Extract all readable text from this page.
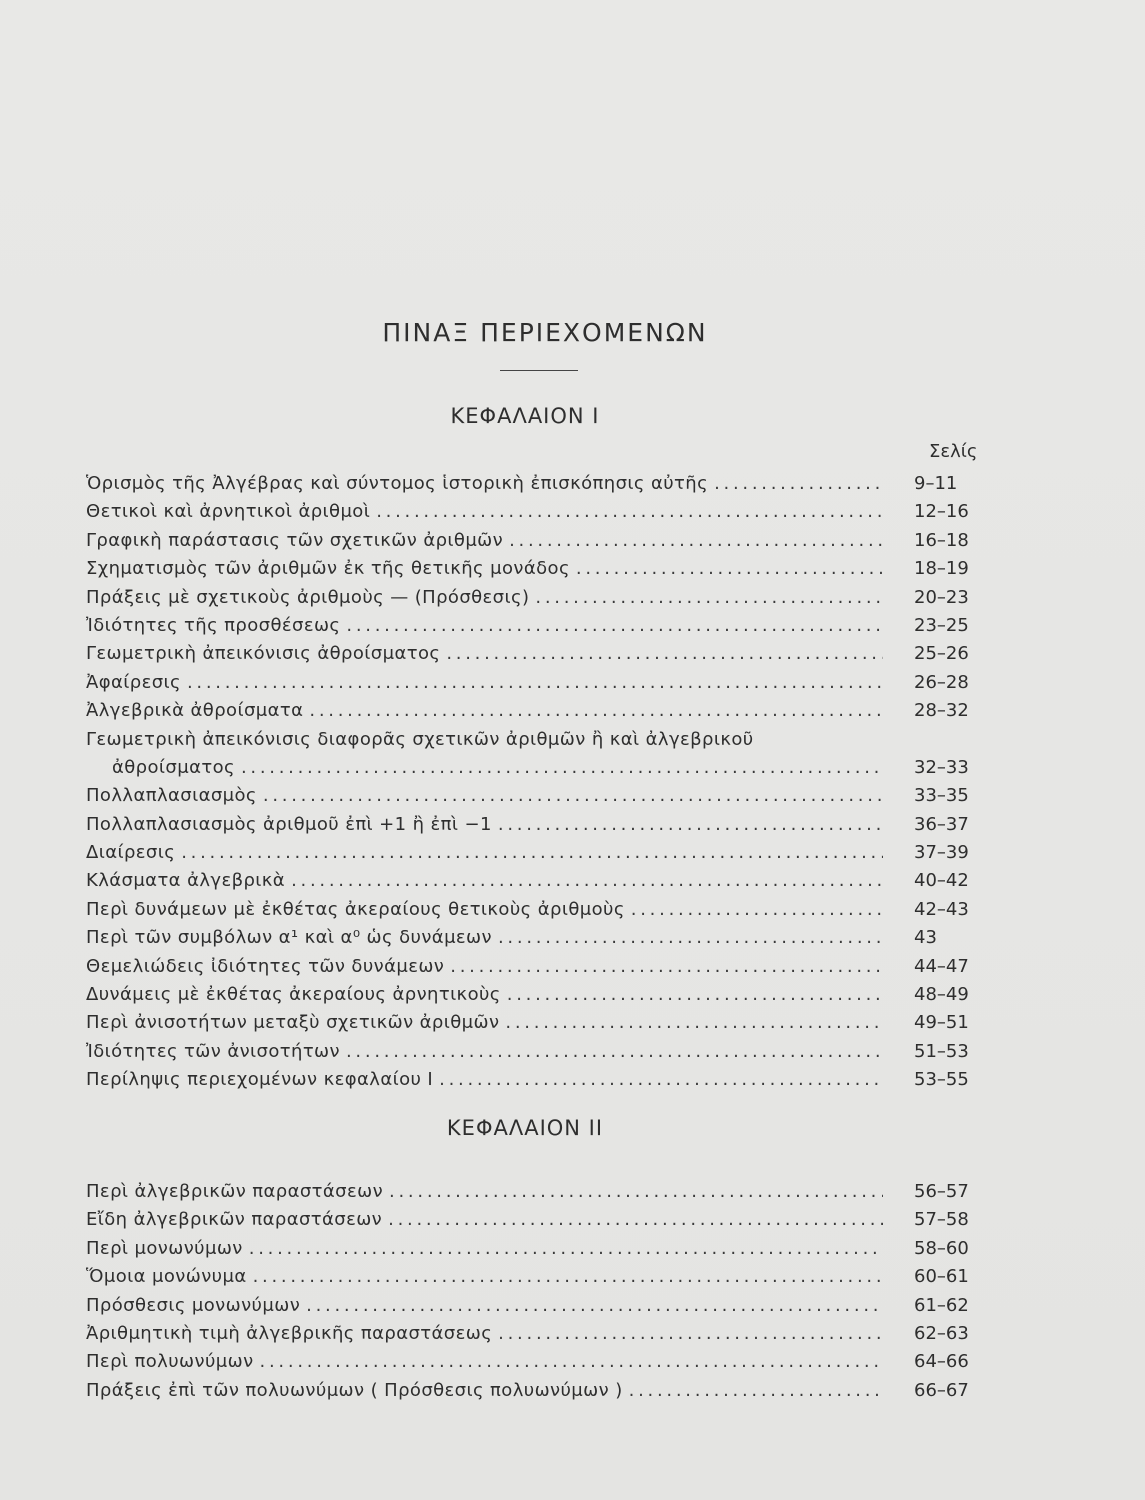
ΠΙΝΑΞ ΠΕΡΙΕΧΟΜΕΝΩΝ
ΚΕΦΑΛΑΙΟΝ Ι
Σελίς
Ὁρισμὸς τῆς Ἀλγέβρας καὶ σύντομος ἱστορικὴ ἐπισκόπησις αὐτῆς . . .	9–11
Θετικοὶ καὶ ἀρνητικοὶ ἀριθμοὶ . . .	12–16
Γραφικὴ παράστασις τῶν σχετικῶν ἀριθμῶν . . .	16–18
Σχηματισμὸς τῶν ἀριθμῶν ἐκ τῆς θετικῆς μονάδος . . .	18–19
Πράξεις μὲ σχετικοὺς ἀριθμοὺς — (Πρόσθεσις) . . .	20–23
Ἰδιότητες τῆς προσθέσεως . . .	23–25
Γεωμετρικὴ ἀπεικόνισις ἀθροίσματος . . .	25–26
Ἀφαίρεσις . . .	26–28
Ἀλγεβρικὰ ἀθροίσματα . . .	28–32
Γεωμετρικὴ ἀπεικόνισις διαφορᾶς σχετικῶν ἀριθμῶν ἢ καὶ ἀλγεβρικοῦ
ἀθροίσματος . . .	32–33
Πολλαπλασιασμὸς . . .	33–35
Πολλαπλασιασμὸς ἀριθμοῦ ἐπὶ +1 ἢ ἐπὶ −1 . . .	36–37
Διαίρεσις . . .	37–39
Κλάσματα ἀλγεβρικὰ . . .	40–42
Περὶ δυνάμεων μὲ ἐκθέτας ἀκεραίους θετικοὺς ἀριθμοὺς . . .	42–43
Περὶ τῶν συμβόλων α¹ καὶ α⁰ ὡς δυνάμεων . . .	43
Θεμελιώδεις ἰδιότητες τῶν δυνάμεων . . .	44–47
Δυνάμεις μὲ ἐκθέτας ἀκεραίους ἀρνητικοὺς . . .	48–49
Περὶ ἀνισοτήτων μεταξὺ σχετικῶν ἀριθμῶν . . .	49–51
Ἰδιότητες τῶν ἀνισοτήτων . . .	51–53
Περίληψις περιεχομένων κεφαλαίου Ι . . .	53–55
ΚΕΦΑΛΑΙΟΝ ΙΙ
Περὶ ἀλγεβρικῶν παραστάσεων . . .	56–57
Εἴδη ἀλγεβρικῶν παραστάσεων . . .	57–58
Περὶ μονωνύμων . . .	58–60
Ὅμοια μονώνυμα . . .	60–61
Πρόσθεσις μονωνύμων . . .	61–62
Ἀριθμητικὴ τιμὴ ἀλγεβρικῆς παραστάσεως . . .	62–63
Περὶ πολυωνύμων . . .	64–66
Πράξεις ἐπὶ τῶν πολυωνύμων ( Πρόσθεσις πολυωνύμων ) . . .	66–67
